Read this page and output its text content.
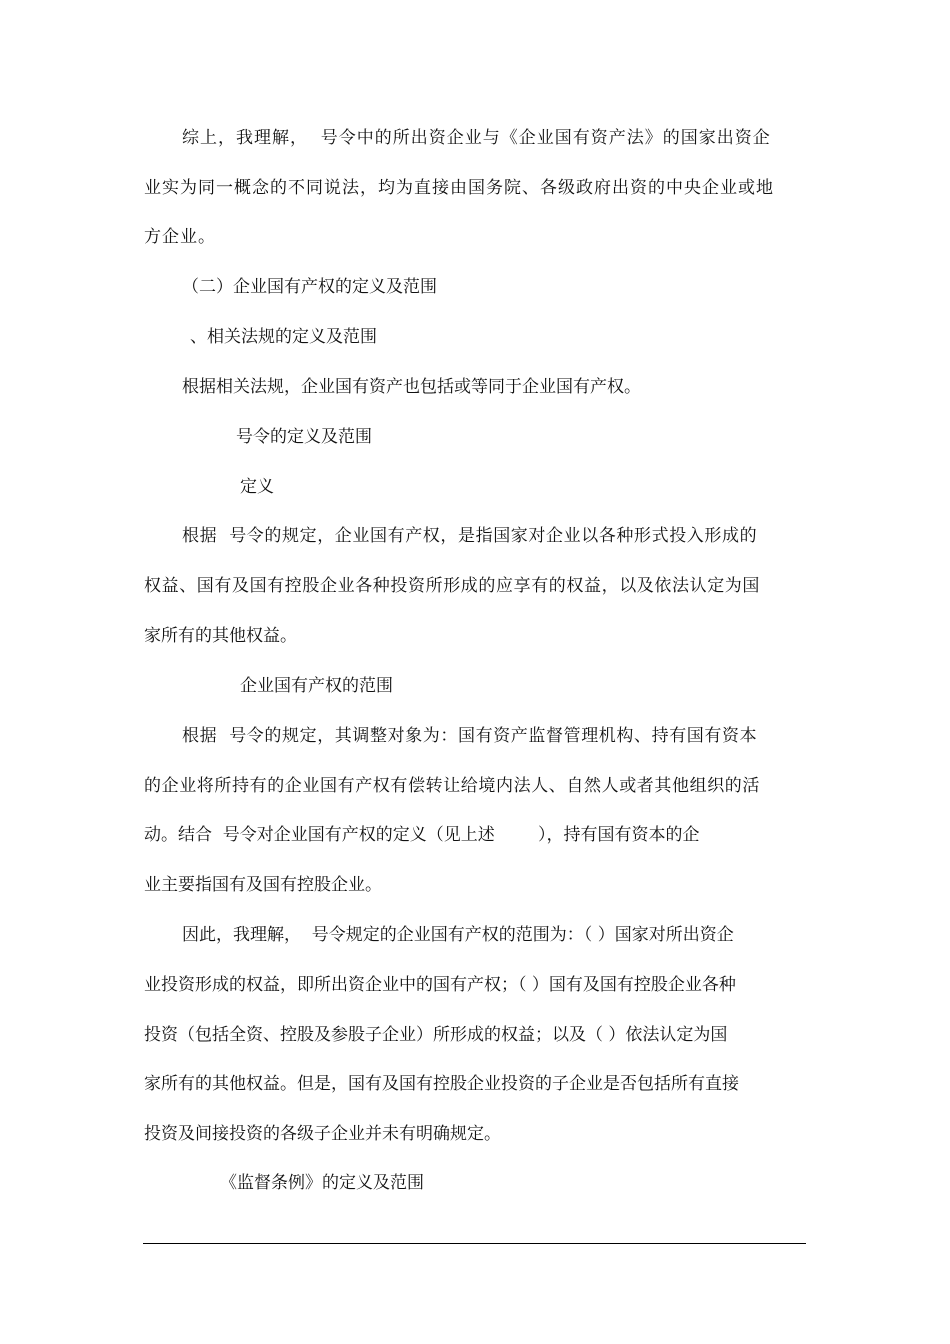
综上，我理解，  号令中的所出资企业与《企业国有资产法》的国家出资企
业实为同一概念的不同说法，均为直接由国务院、各级政府出资的中央企业或地
方企业。
（二）企业国有产权的定义及范围
、相关法规的定义及范围
根据相关法规，企业国有资产也包括或等同于企业国有产权。
号令的定义及范围
定义
根据  号令的规定，企业国有产权，是指国家对企业以各种形式投入形成的
权益、国有及国有控股企业各种投资所形成的应享有的权益，以及依法认定为国
家所有的其他权益。
企业国有产权的范围
根据  号令的规定，其调整对象为：国有资产监督管理机构、持有国有资本
的企业将所持有的企业国有产权有偿转让给境内法人、自然人或者其他组织的活
动。结合  号令对企业国有产权的定义（见上述        ），持有国有资本的企
业主要指国有及国有控股企业。
因此，我理解，  号令规定的企业国有产权的范围为：（ ）国家对所出资企
业投资形成的权益，即所出资企业中的国有产权；（ ）国有及国有控股企业各种
投资（包括全资、控股及参股子企业）所形成的权益；以及（ ）依法认定为国
家所有的其他权益。但是，国有及国有控股企业投资的子企业是否包括所有直接
投资及间接投资的各级子企业并未有明确规定。
《监督条例》的定义及范围
